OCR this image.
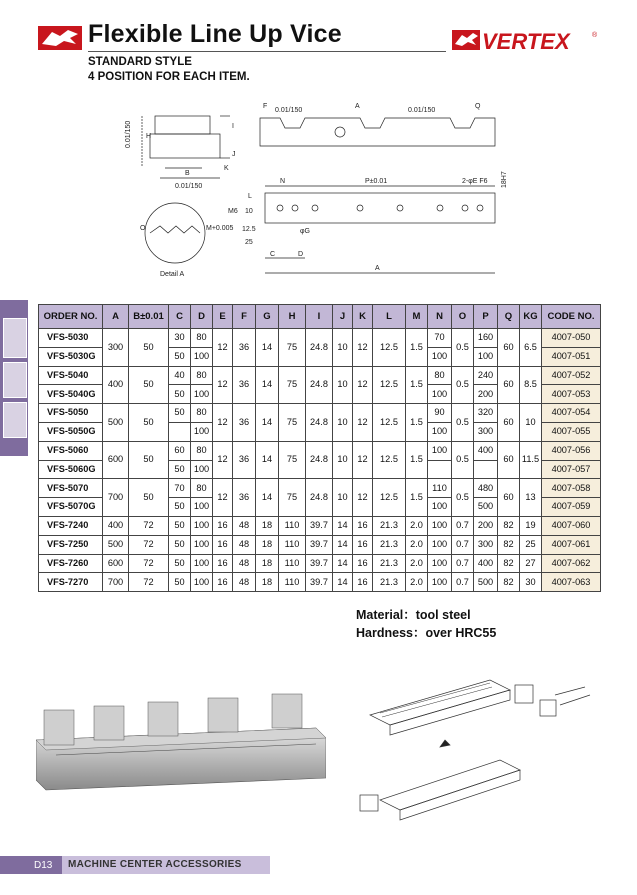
Flexible Line Up Vice	VERTEX	®
STANDARD STYLE
4 POSITION FOR EACH ITEM.
0.01/150 H
B
I
J
K
0.01/150
F
0.01/150
A
0.01/150
Q
N	P±0.01	2-φE F6 18H7
M6 10
12.5
25
φG
C	D
A
L
O	M+0.005
Detail A
ORDER NO.	A	B±0.01	C	D	E	F	G	H	I	J	K	L	M	N	O	P	Q	KG	CODE NO.
VFS-5030	300	50	30	80	12	36	14	75	24.8	10	12	12.5	1.5	70	0.5	160	60	6.5	4007-050
VFS-5030G			50	100										100		100			4007-051
VFS-5040	400	50	40	80	12	36	14	75	24.8	10	12	12.5	1.5	80	0.5	240	60	8.5	4007-052
VFS-5040G			50	100										100		200			4007-053
VFS-5050	500	50	50	80	12	36	14	75	24.8	10	12	12.5	1.5	90	0.5	320	60	10	4007-054
VFS-5050G				100										100		300			4007-055
VFS-5060	600	50	60	80	12	36	14	75	24.8	10	12	12.5	1.5	100	0.5	400	60	11.5	4007-056
VFS-5060G			50	100															4007-057
VFS-5070	700	50	70	80	12	36	14	75	24.8	10	12	12.5	1.5	110	0.5	480	60	13	4007-058
VFS-5070G			50	100										100		500			4007-059
VFS-7240	400	72	50	100	16	48	18	110	39.7	14	16	21.3	2.0	100	0.7	200	82	19	4007-060
VFS-7250	500	72	50	100	16	48	18	110	39.7	14	16	21.3	2.0	100	0.7	300	82	25	4007-061
VFS-7260	600	72	50	100	16	48	18	110	39.7	14	16	21.3	2.0	100	0.7	400	82	27	4007-062
VFS-7270	700	72	50	100	16	48	18	110	39.7	14	16	21.3	2.0	100	0.7	500	82	30	4007-063
Material：tool steel
Hardness：over HRC55
D13	MACHINE CENTER ACCESSORIES
